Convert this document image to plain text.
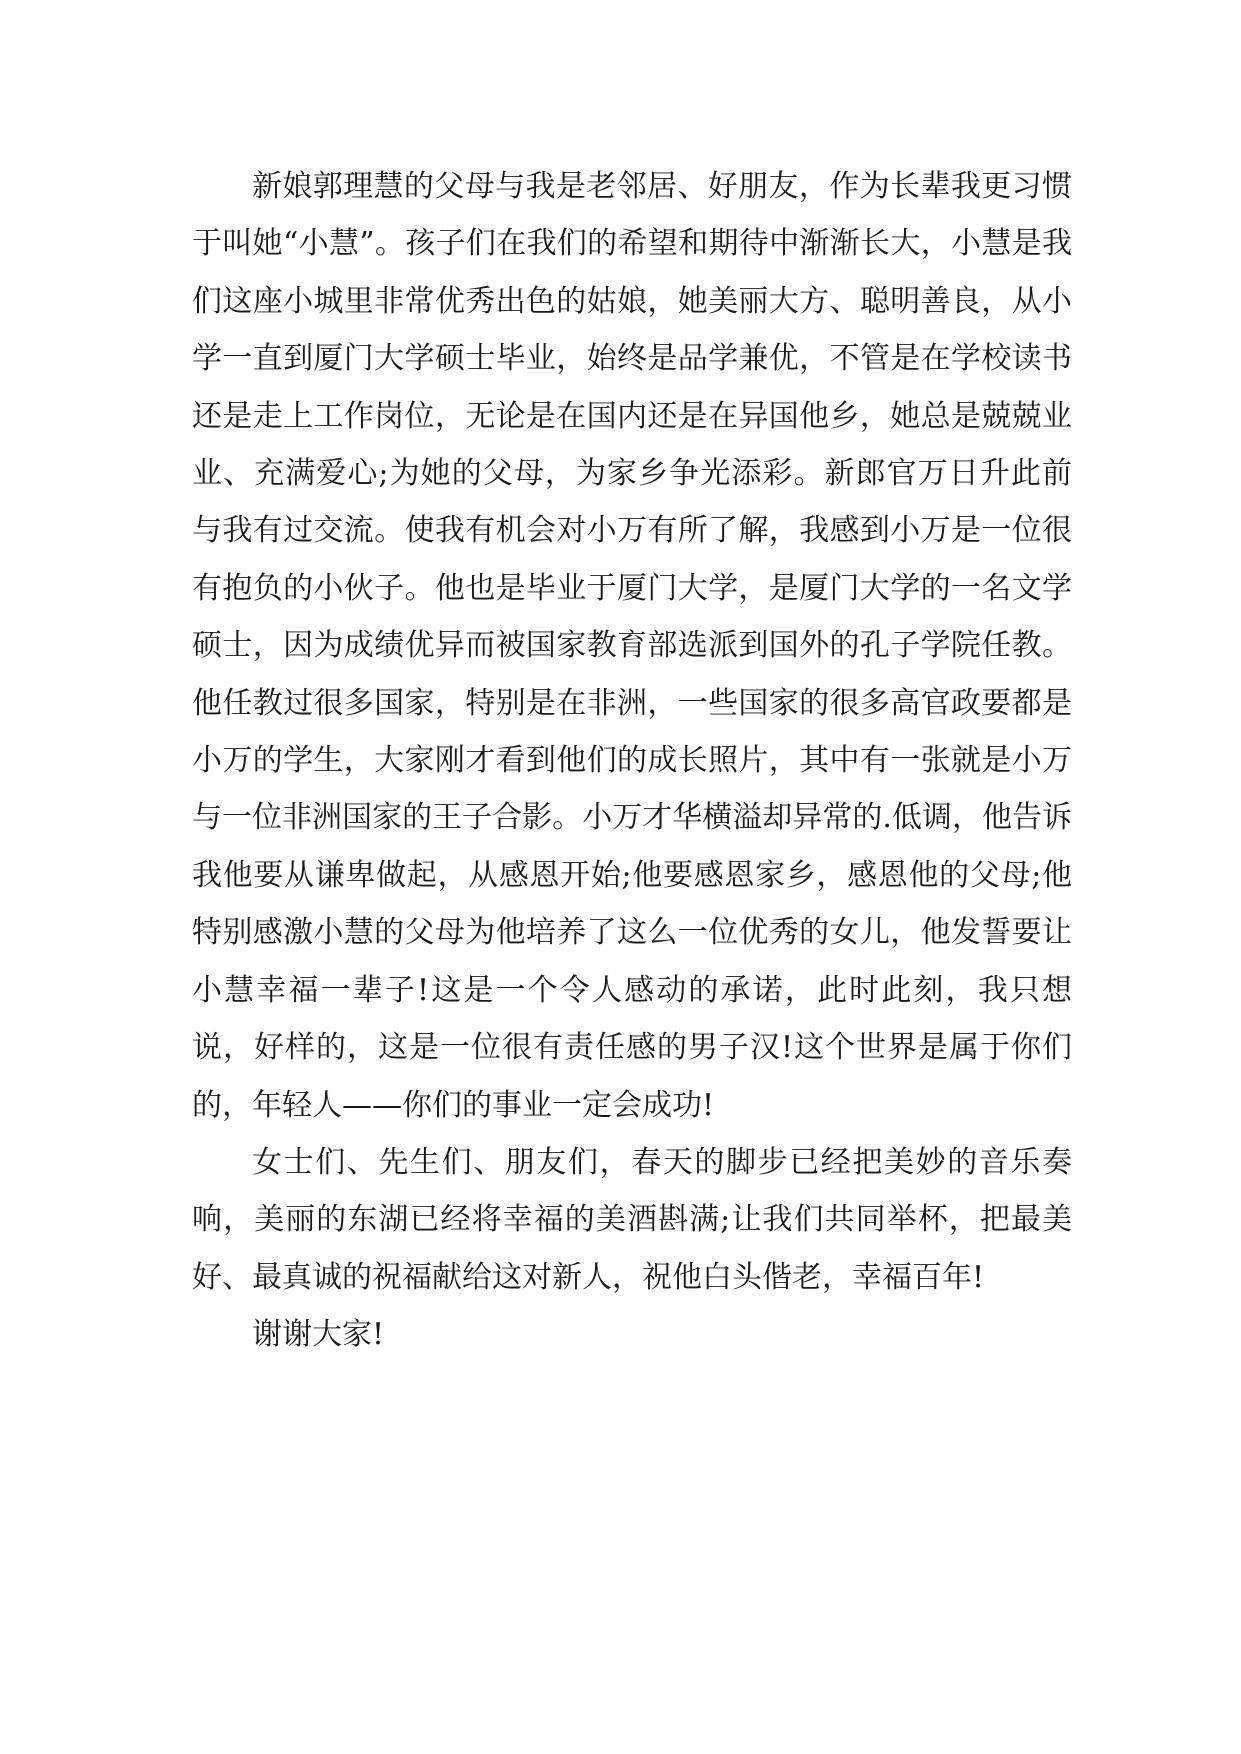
新娘郭理慧的父母与我是老邻居、好朋友，作为长辈我更习惯于叫她“小慧”。孩子们在我们的希望和期待中渐渐长大，小慧是我们这座小城里非常优秀出色的姑娘，她美丽大方、聪明善良，从小学一直到厦门大学硕士毕业，始终是品学兼优，不管是在学校读书还是走上工作岗位，无论是在国内还是在异国他乡，她总是兢兢业业、充满爱心;为她的父母，为家乡争光添彩。新郎官万日升此前与我有过交流。使我有机会对小万有所了解，我感到小万是一位很有抱负的小伙子。他也是毕业于厦门大学，是厦门大学的一名文学硕士，因为成绩优异而被国家教育部选派到国外的孔子学院任教。他任教过很多国家，特别是在非洲，一些国家的很多高官政要都是小万的学生，大家刚才看到他们的成长照片，其中有一张就是小万与一位非洲国家的王子合影。小万才华横溢却异常的.低调，他告诉我他要从谦卑做起，从感恩开始;他要感恩家乡，感恩他的父母;他特别感激小慧的父母为他培养了这么一位优秀的女儿，他发誓要让小慧幸福一辈子!这是一个令人感动的承诺，此时此刻，我只想说，好样的，这是一位很有责任感的男子汉!这个世界是属于你们的，年轻人——你们的事业一定会成功!

女士们、先生们、朋友们，春天的脚步已经把美妙的音乐奏响，美丽的东湖已经将幸福的美酒斟满;让我们共同举杯，把最美好、最真诚的祝福献给这对新人，祝他白头偕老，幸福百年!

谢谢大家!
